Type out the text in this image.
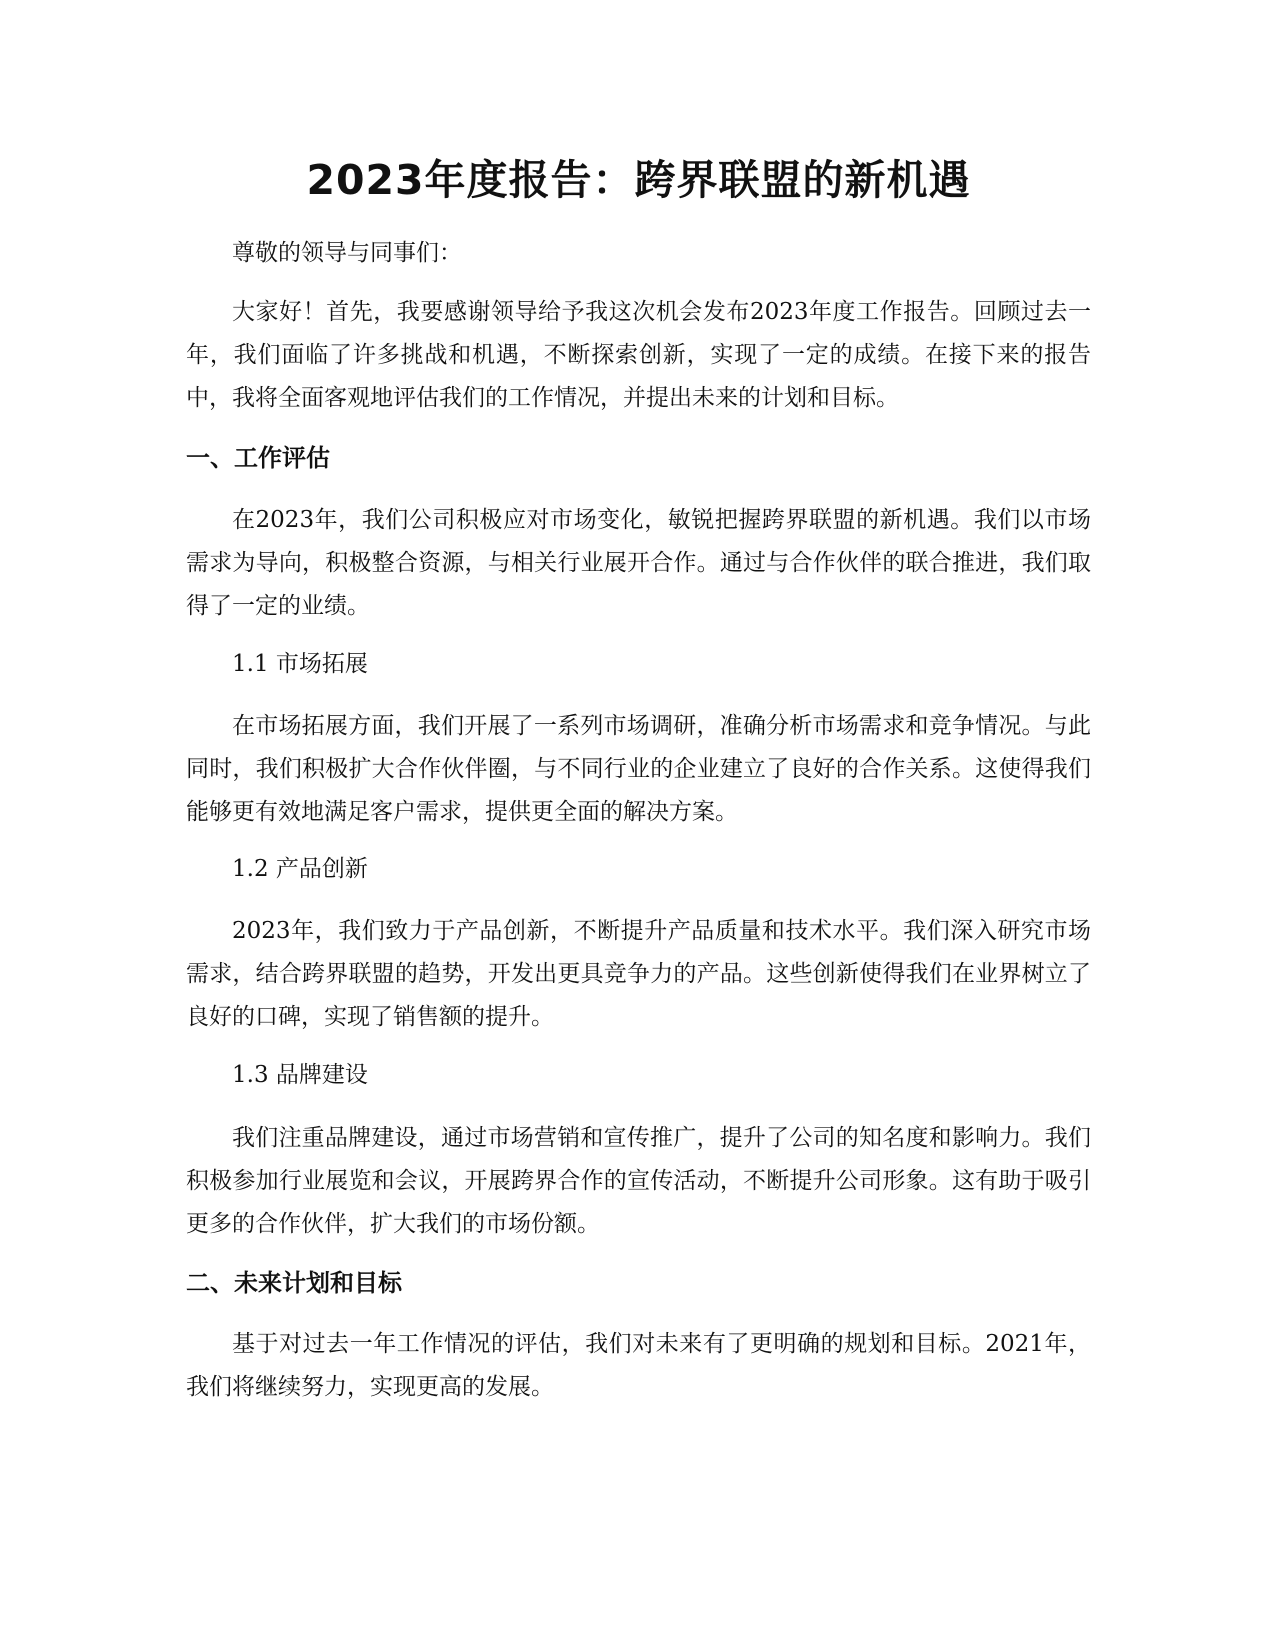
2023年度报告：跨界联盟的新机遇

尊敬的领导与同事们：

大家好！首先，我要感谢领导给予我这次机会发布2023年度工作报告。回顾过去一年，我们面临了许多挑战和机遇，不断探索创新，实现了一定的成绩。在接下来的报告中，我将全面客观地评估我们的工作情况，并提出未来的计划和目标。

一、工作评估

在2023年，我们公司积极应对市场变化，敏锐把握跨界联盟的新机遇。我们以市场需求为导向，积极整合资源，与相关行业展开合作。通过与合作伙伴的联合推进，我们取得了一定的业绩。

1.1 市场拓展

在市场拓展方面，我们开展了一系列市场调研，准确分析市场需求和竞争情况。与此同时，我们积极扩大合作伙伴圈，与不同行业的企业建立了良好的合作关系。这使得我们能够更有效地满足客户需求，提供更全面的解决方案。

1.2 产品创新

2023年，我们致力于产品创新，不断提升产品质量和技术水平。我们深入研究市场需求，结合跨界联盟的趋势，开发出更具竞争力的产品。这些创新使得我们在业界树立了良好的口碑，实现了销售额的提升。

1.3 品牌建设

我们注重品牌建设，通过市场营销和宣传推广，提升了公司的知名度和影响力。我们积极参加行业展览和会议，开展跨界合作的宣传活动，不断提升公司形象。这有助于吸引更多的合作伙伴，扩大我们的市场份额。

二、未来计划和目标

基于对过去一年工作情况的评估，我们对未来有了更明确的规划和目标。2021年，我们将继续努力，实现更高的发展。
